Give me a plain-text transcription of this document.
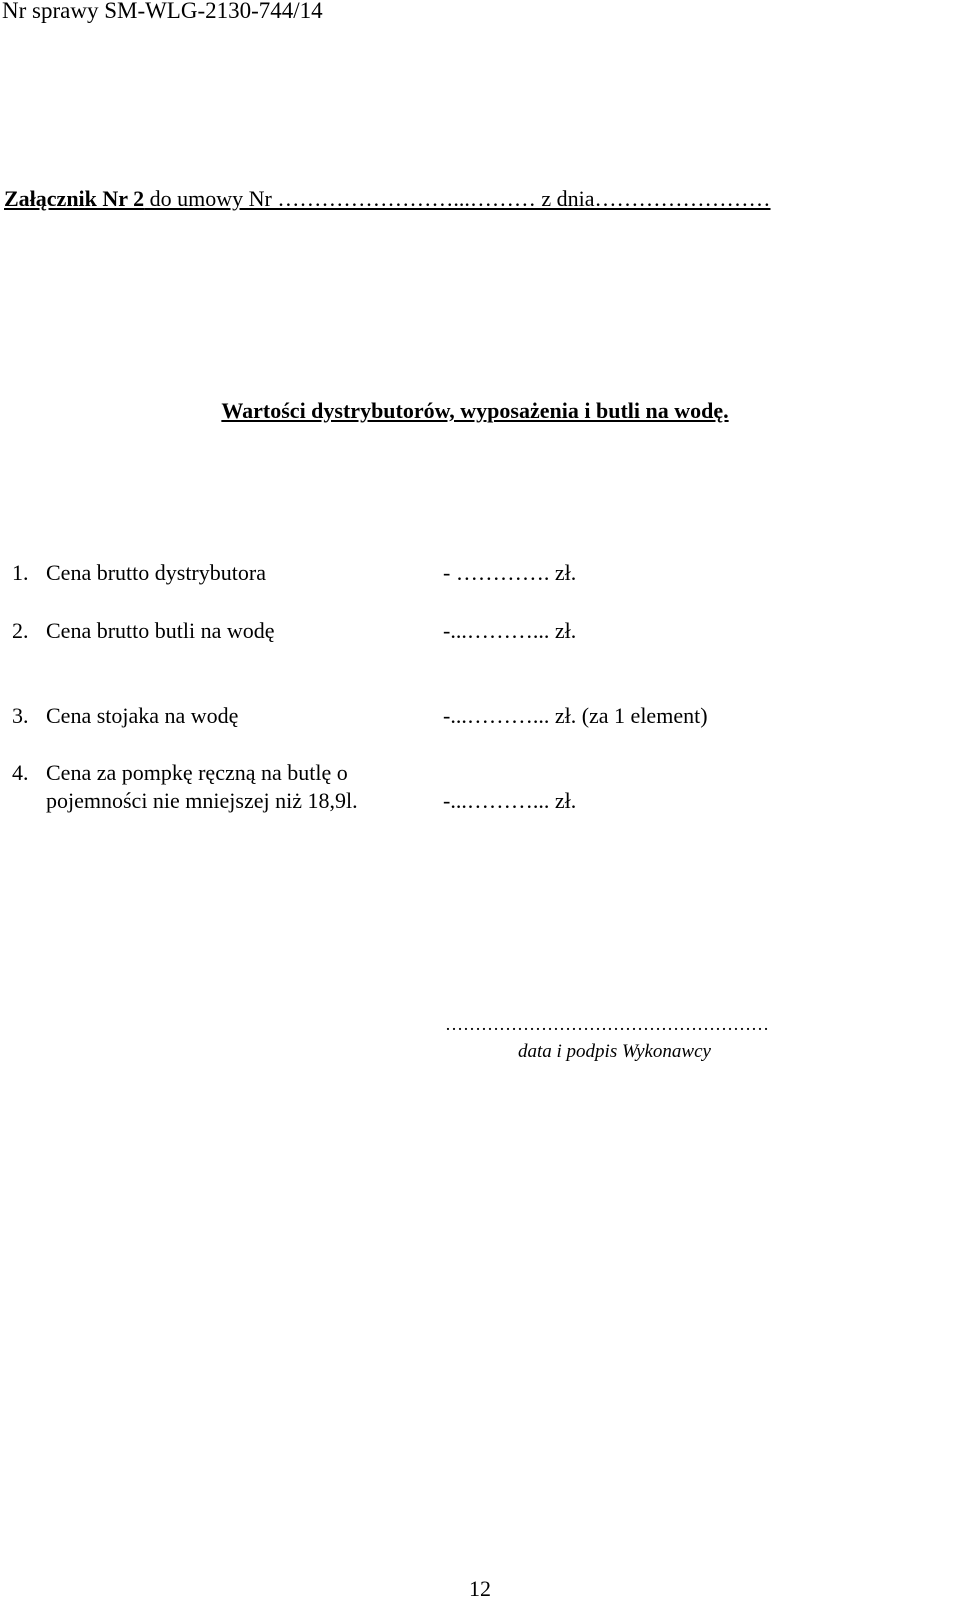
Nr sprawy SM-WLG-2130-744/14
Załącznik Nr 2 do umowy Nr ……………………...……… z dnia……………………
Wartości dystrybutorów, wyposażenia i butli na wodę.
1. Cena brutto dystrybutora	- …………. zł.
2. Cena brutto butli na wodę	-...………... zł.
3. Cena stojaka na wodę	-...………... zł. (za 1 element)
4. Cena za pompkę ręczną na butlę o
pojemności nie mniejszej niż 18,9l.	-...………... zł.
………………………………………………
data i podpis Wykonawcy
12
